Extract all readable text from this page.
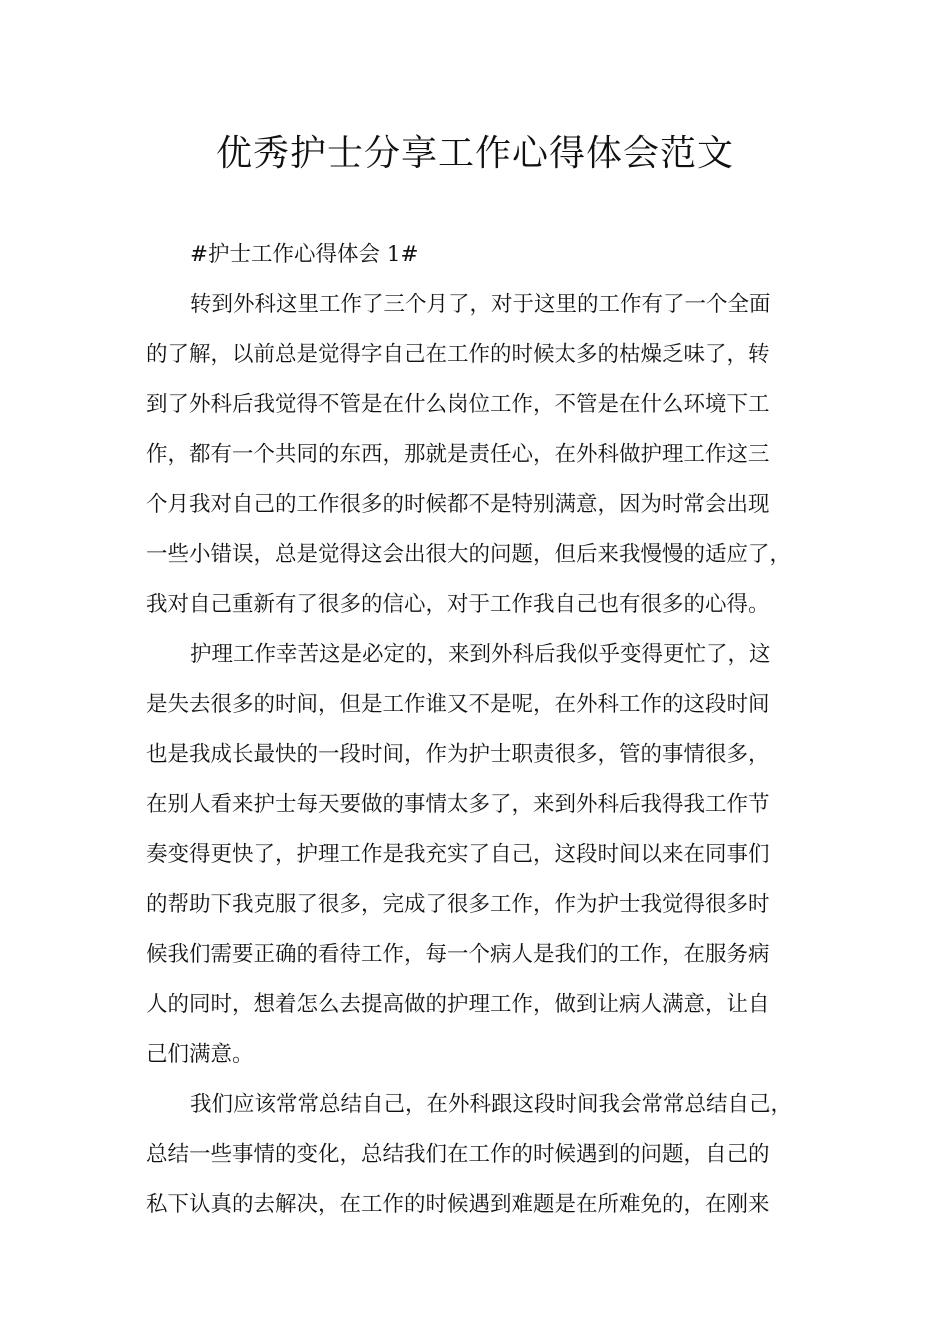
优秀护士分享工作心得体会范文
#护士工作心得体会 1#
转到外科这里工作了三个月了，对于这里的工作有了一个全面
的了解，以前总是觉得字自己在工作的时候太多的枯燥乏味了，转
到了外科后我觉得不管是在什么岗位工作，不管是在什么环境下工
作，都有一个共同的东西，那就是责任心，在外科做护理工作这三
个月我对自己的工作很多的时候都不是特别满意，因为时常会出现
一些小错误，总是觉得这会出很大的问题，但后来我慢慢的适应了，
我对自己重新有了很多的信心，对于工作我自己也有很多的心得。
护理工作幸苦这是必定的，来到外科后我似乎变得更忙了，这
是失去很多的时间，但是工作谁又不是呢，在外科工作的这段时间
也是我成长最快的一段时间，作为护士职责很多，管的事情很多，
在别人看来护士每天要做的事情太多了，来到外科后我得我工作节
奏变得更快了，护理工作是我充实了自己，这段时间以来在同事们
的帮助下我克服了很多，完成了很多工作，作为护士我觉得很多时
候我们需要正确的看待工作，每一个病人是我们的工作，在服务病
人的同时，想着怎么去提高做的护理工作，做到让病人满意，让自
己们满意。
我们应该常常总结自己，在外科跟这段时间我会常常总结自己，
总结一些事情的变化，总结我们在工作的时候遇到的问题，自己的
私下认真的去解决，在工作的时候遇到难题是在所难免的，在刚来
